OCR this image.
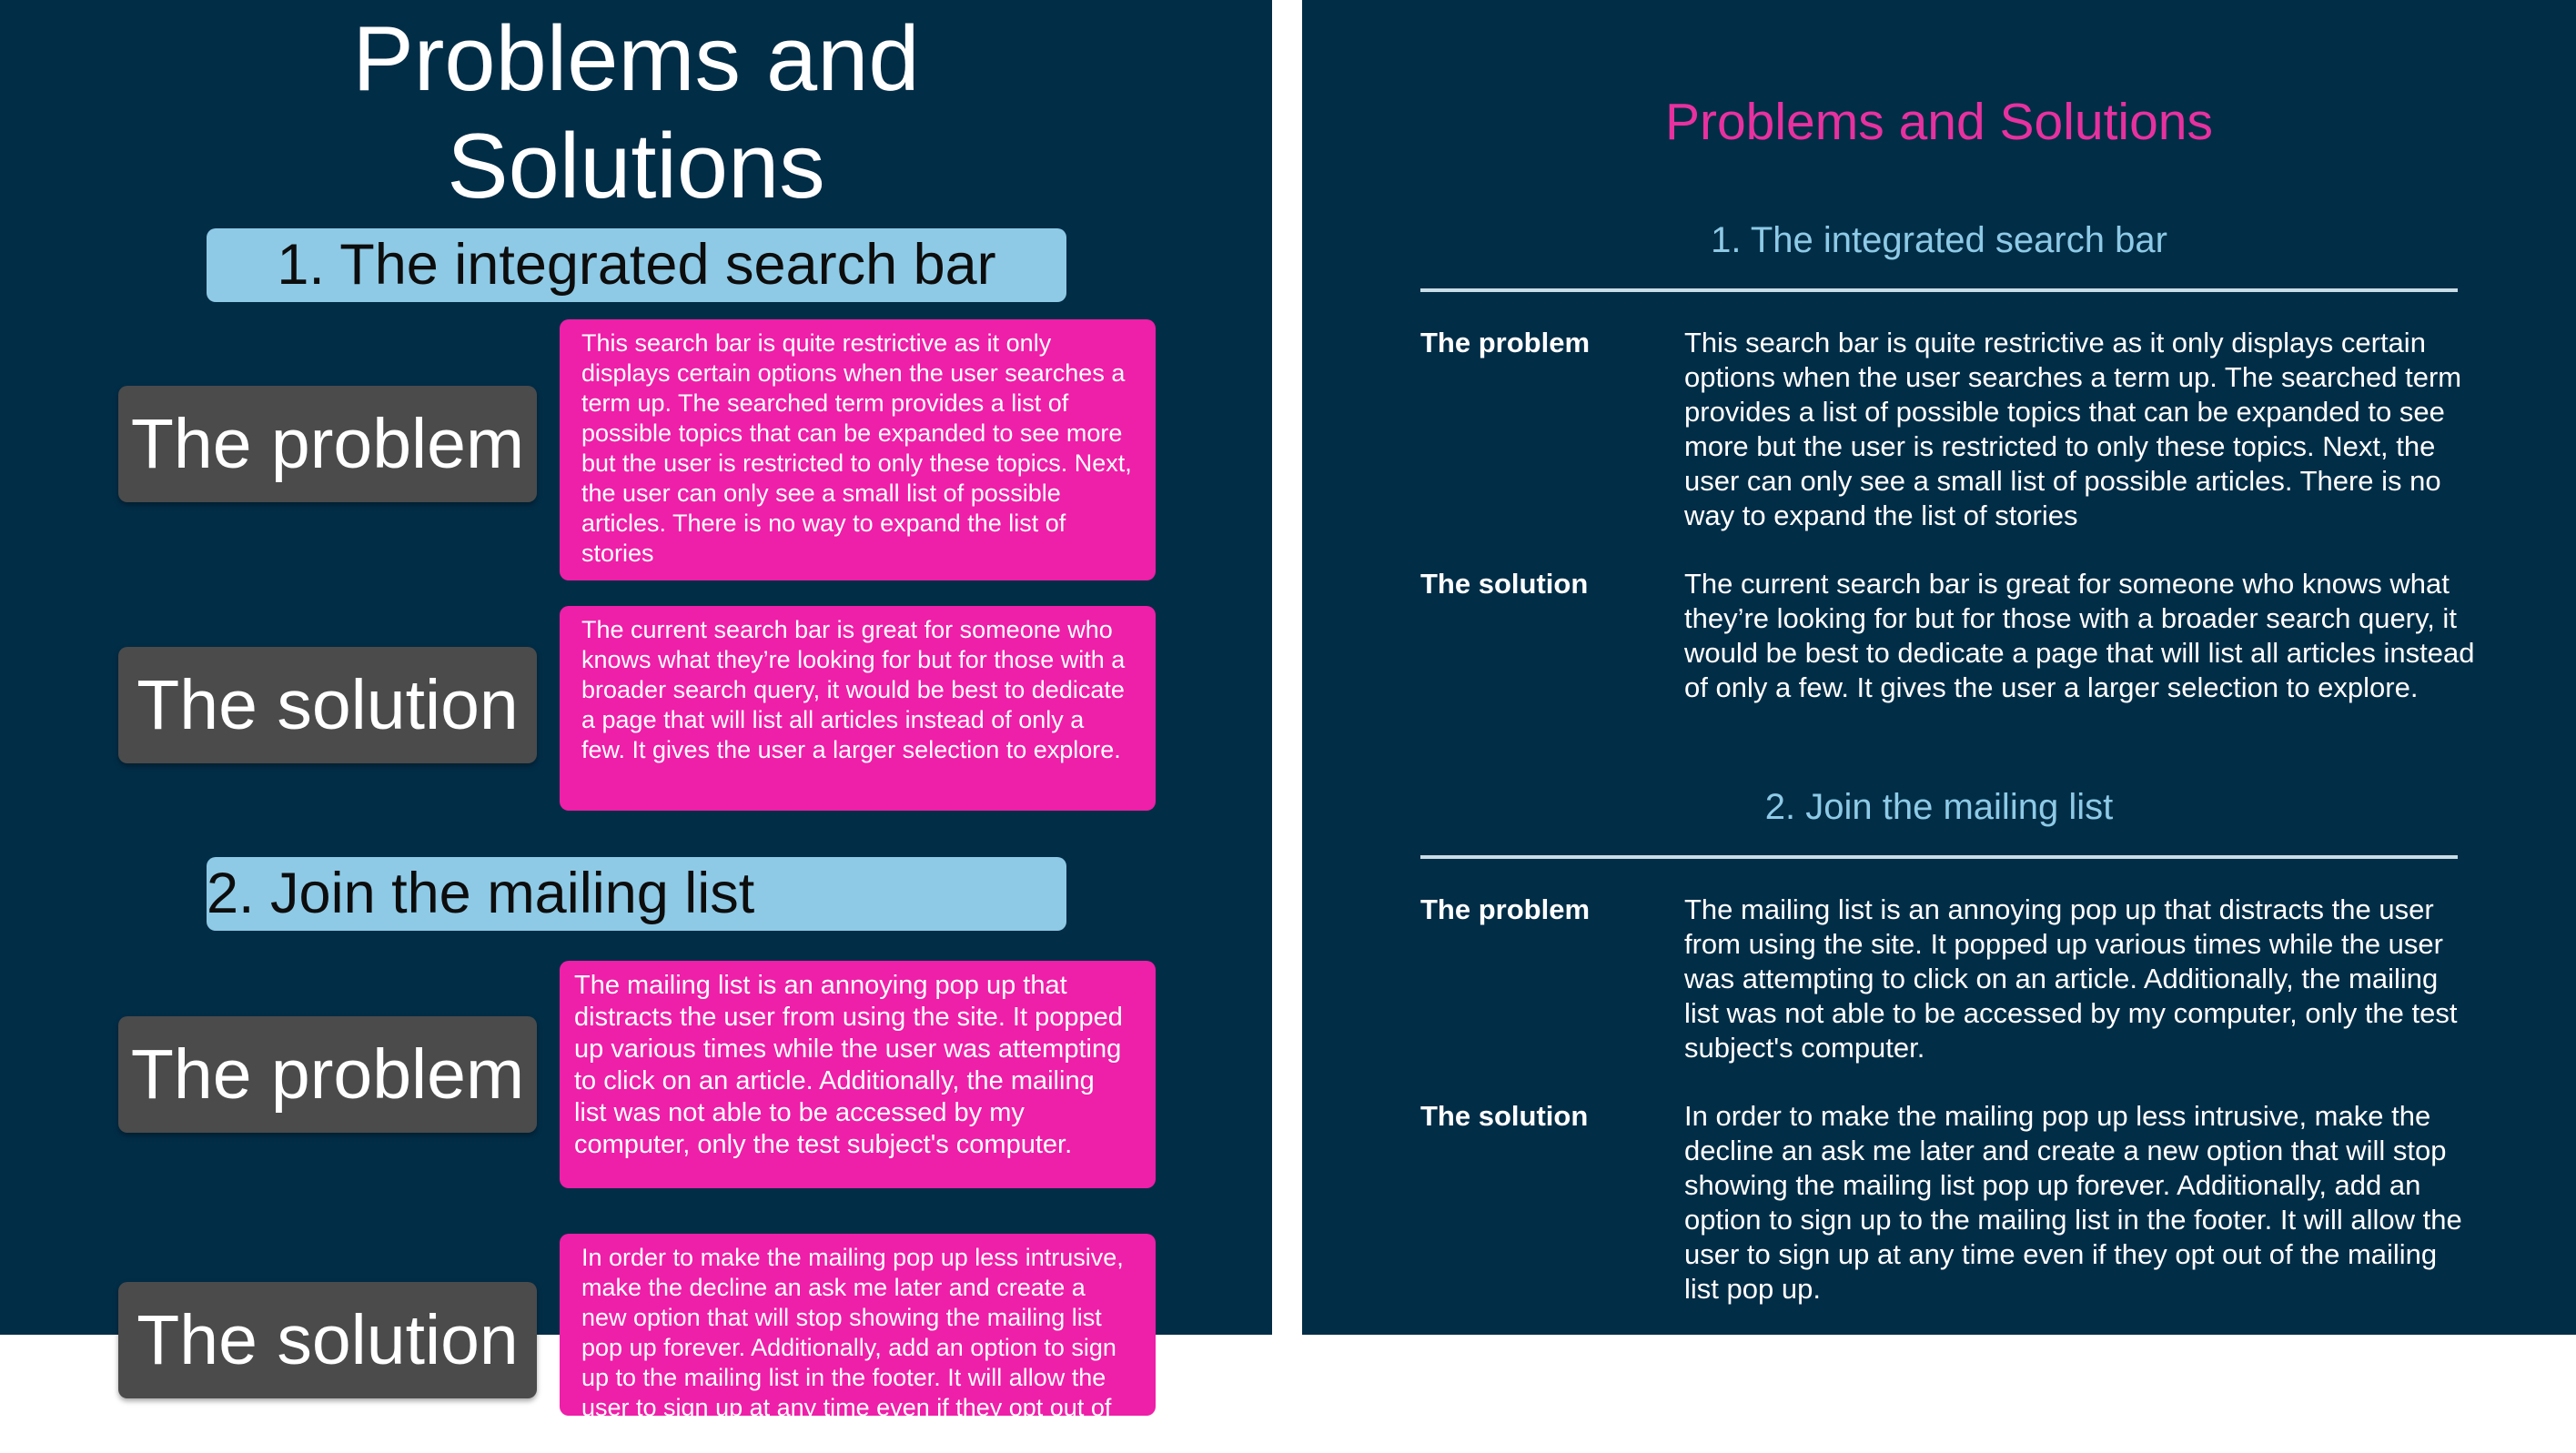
Problems and
Solutions
1. The integrated search bar
The problem
This search bar is quite restrictive as it only displays certain options when the user searches a term up. The searched term provides a list of possible topics that can be expanded to see more but the user is restricted to only these topics. Next, the user can only see a small list of possible articles. There is no way to expand the list of stories
The solution
The current search bar is great for someone who knows what they’re looking for but for those with a broader search query, it would be best to dedicate a page that will list all articles instead of only a few. It gives the user a larger selection to explore.
2. Join the mailing list
The problem
The mailing list is an annoying pop up that distracts the user from using the site. It popped up various times while the user was attempting to click on an article. Additionally, the mailing list was not able to be accessed by my computer, only the test subject's computer.
The solution
In order to make the mailing pop up less intrusive, make the decline an ask me later and create a new option that will stop showing the mailing list pop up forever. Additionally, add an option to sign up to the mailing list in the footer. It will allow the user to sign up at any time even if they opt out of the mailing list pop up.
Problems and Solutions
1. The integrated search bar
The problem	This search bar is quite restrictive as it only displays certain options when the user searches a term up. The searched term provides a list of possible topics that can be expanded to see more but the user is restricted to only these topics. Next, the user can only see a small list of possible articles. There is no way to expand the list of stories
The solution	The current search bar is great for someone who knows what they’re looking for but for those with a broader search query, it would be best to dedicate a page that will list all articles instead of only a few. It gives the user a larger selection to explore.
2. Join the mailing list
The problem	The mailing list is an annoying pop up that distracts the user from using the site. It popped up various times while the user was attempting to click on an article. Additionally, the mailing list was not able to be accessed by my computer, only the test subject's computer.
The solution	In order to make the mailing pop up less intrusive, make the decline an ask me later and create a new option that will stop showing the mailing list pop up forever. Additionally, add an option to sign up to the mailing list in the footer. It will allow the user to sign up at any time even if they opt out of the mailing list pop up.
